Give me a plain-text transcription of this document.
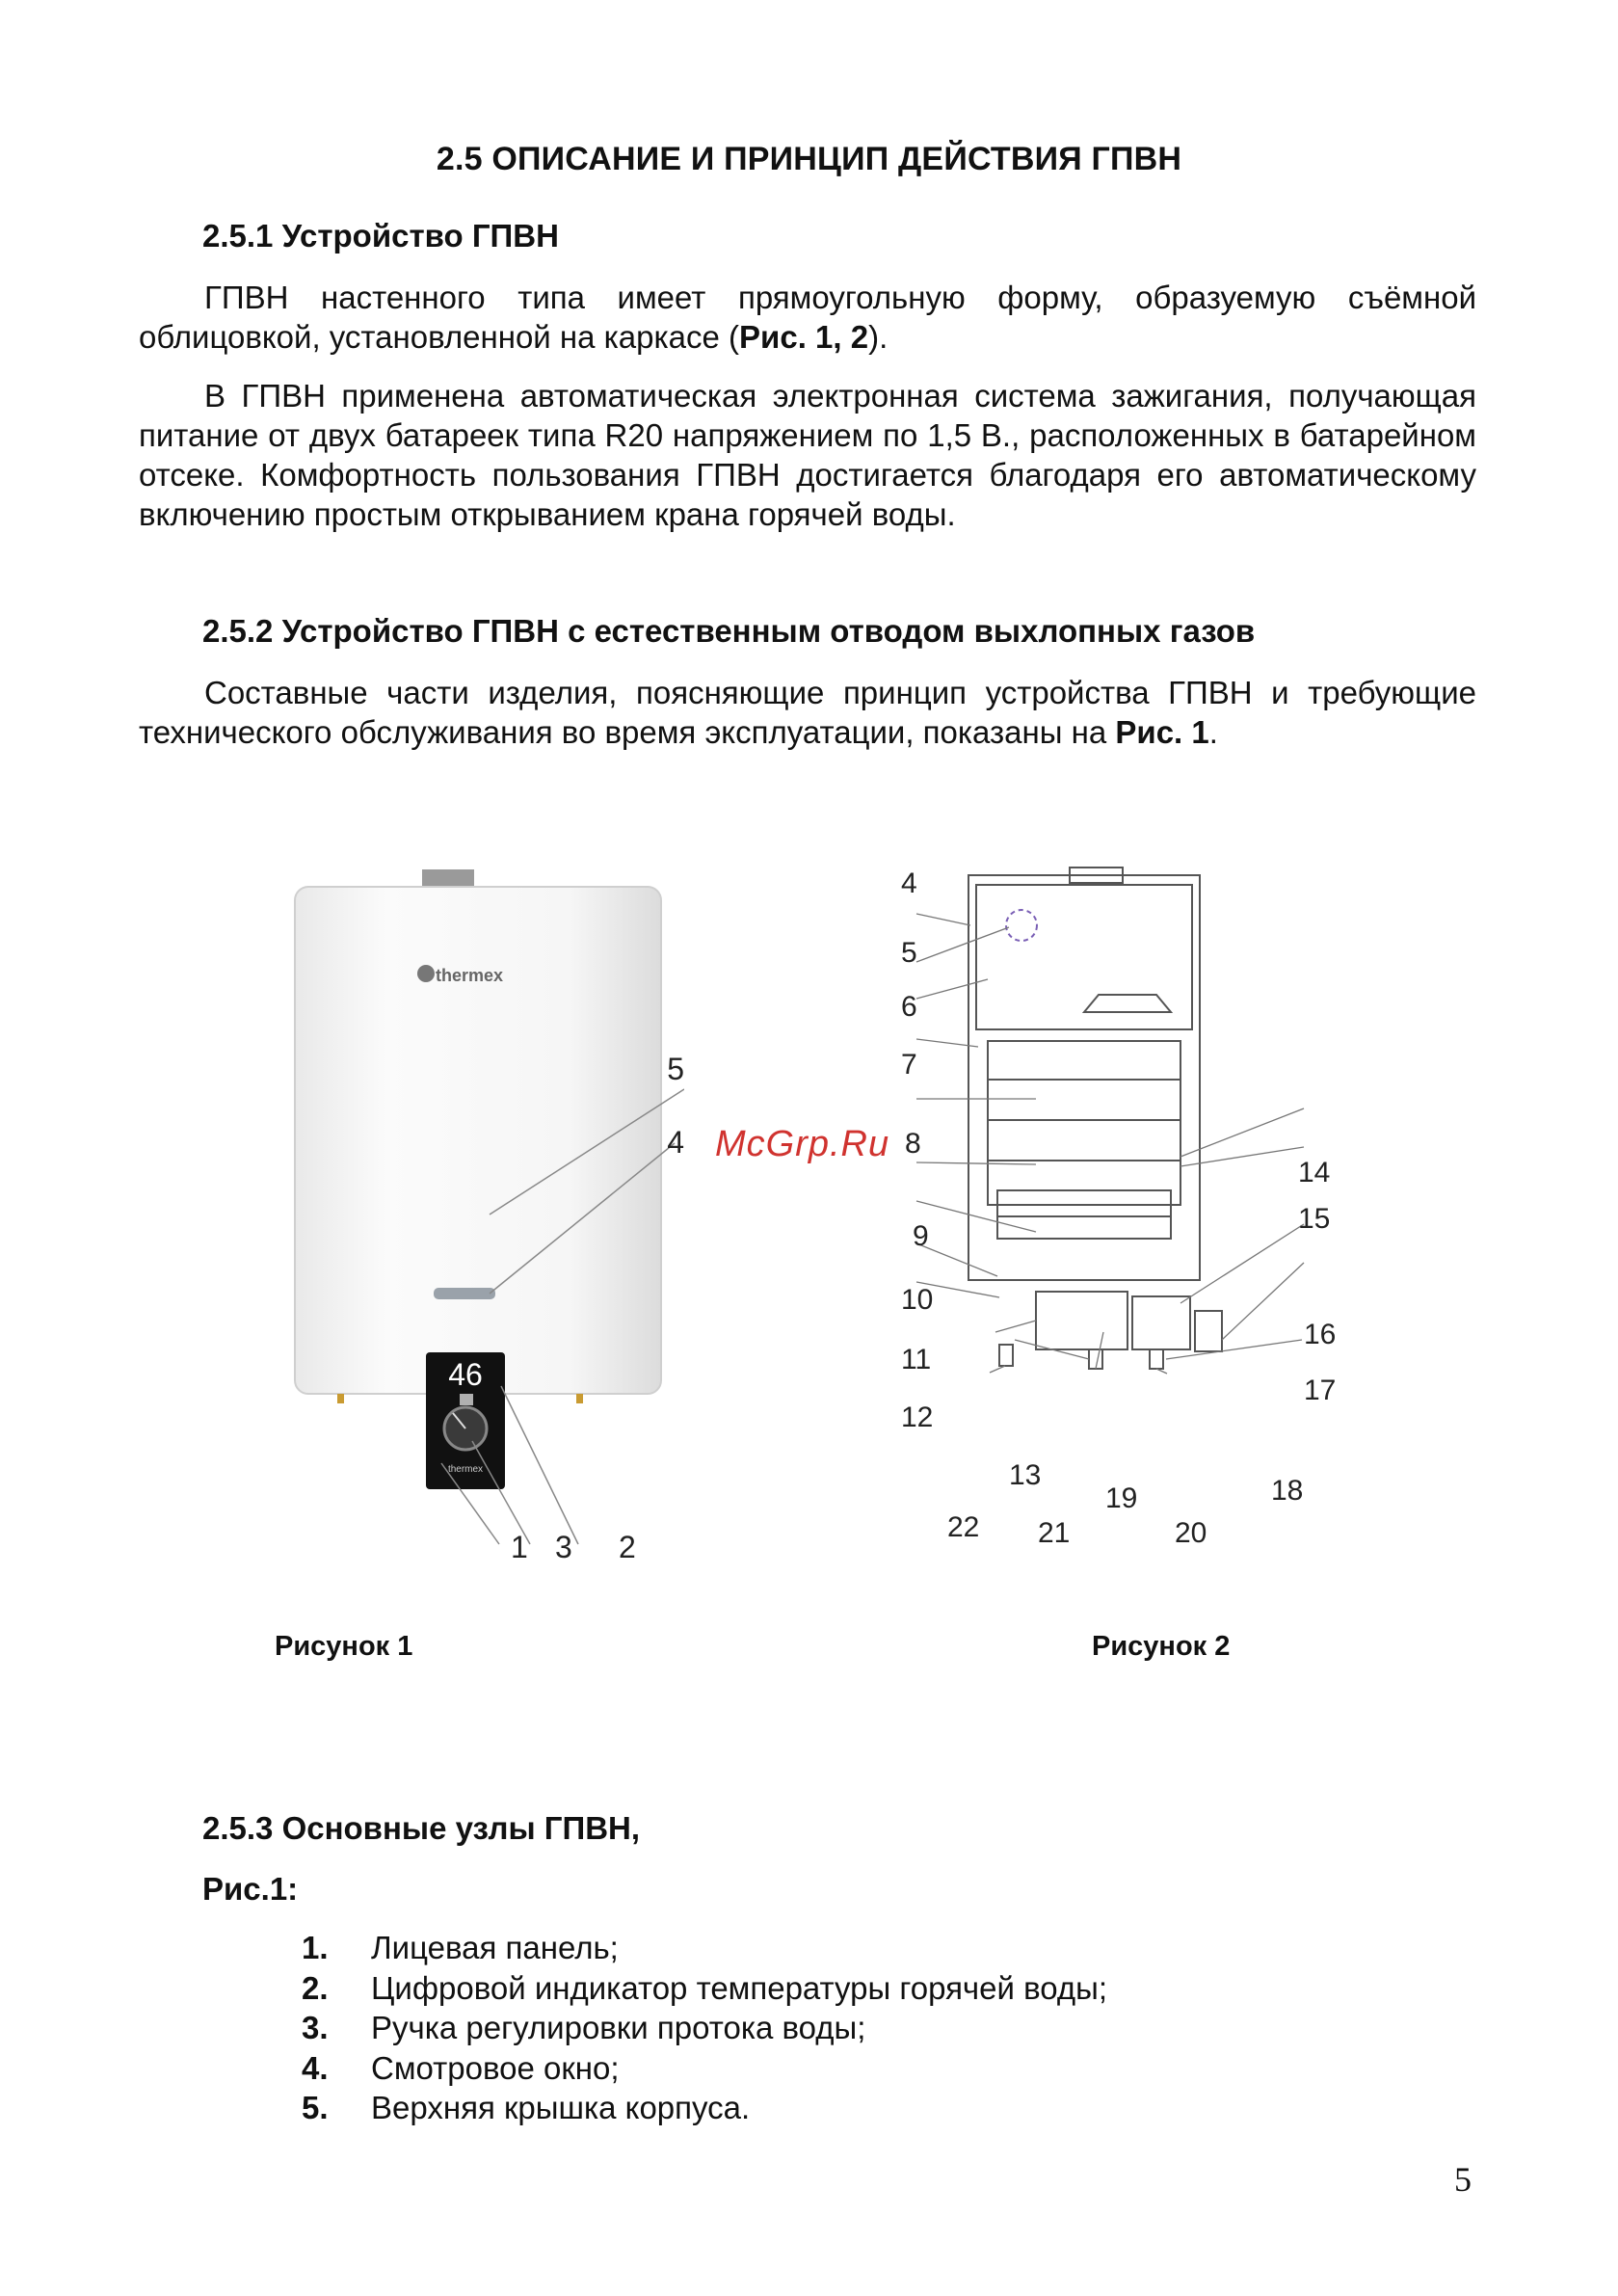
2.5 ОПИСАНИЕ И ПРИНЦИП ДЕЙСТВИЯ ГПВН
2.5.1 Устройство ГПВН
ГПВН настенного типа имеет прямоугольную форму, образуемую съёмной облицовкой, установленной на каркасе (Рис. 1, 2).
В ГПВН применена автоматическая электронная система зажигания, получающая питание от двух батареек типа R20 напряжением по 1,5 В., расположенных в батарейном отсеке. Комфортность пользования ГПВН достигается благодаря его автоматическому включению простым открыванием крана горячей воды.
2.5.2 Устройство ГПВН с естественным отводом выхлопных газов
Составные части изделия, поясняющие принцип устройства ГПВН и требующие технического обслуживания во время эксплуатации, показаны на Рис. 1.
thermex
46
thermex
5
4
1 3 2
4
5
6
7
8
9
10
11
12
13
14
15
16
17
18
19
20
21
22
McGrp.Ru
Рисунок 1	Рисунок 2
2.5.3 Основные узлы ГПВН,
Рис.1:
1.	Лицевая панель;
2.	Цифровой индикатор температуры горячей воды;
3.	Ручка регулировки протока воды;
4.	Смотровое окно;
5.	Верхняя крышка корпуса.
5
